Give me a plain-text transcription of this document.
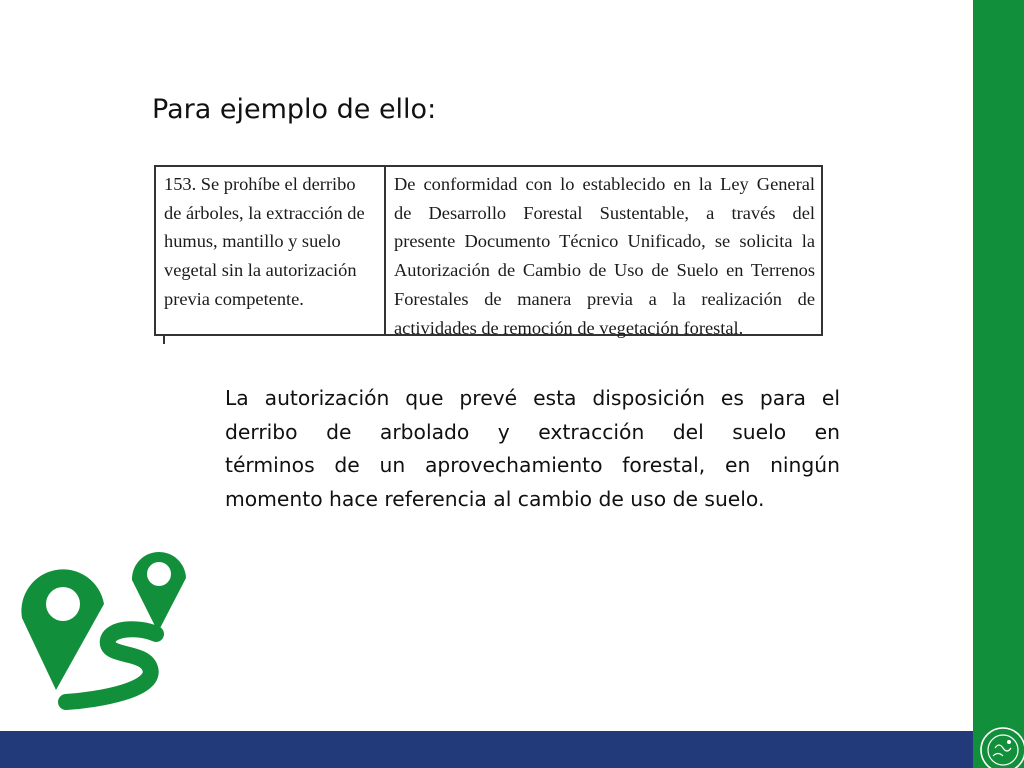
Para ejemplo de ello:
153. Se prohíbe el derribo
de árboles, la extracción de
humus, mantillo y suelo
vegetal sin la autorización
previa competente.
De conformidad con lo establecido en la Ley General
de Desarrollo Forestal Sustentable, a través del
presente Documento Técnico Unificado, se solicita la
Autorización de Cambio de Uso de Suelo en Terrenos
Forestales de manera previa a la realización de
actividades de remoción de vegetación forestal.

La autorización que prevé esta disposición es para el
derribo de arbolado y extracción del suelo en
términos de un aprovechamiento forestal, en ningún
momento hace referencia al cambio de uso de suelo.
